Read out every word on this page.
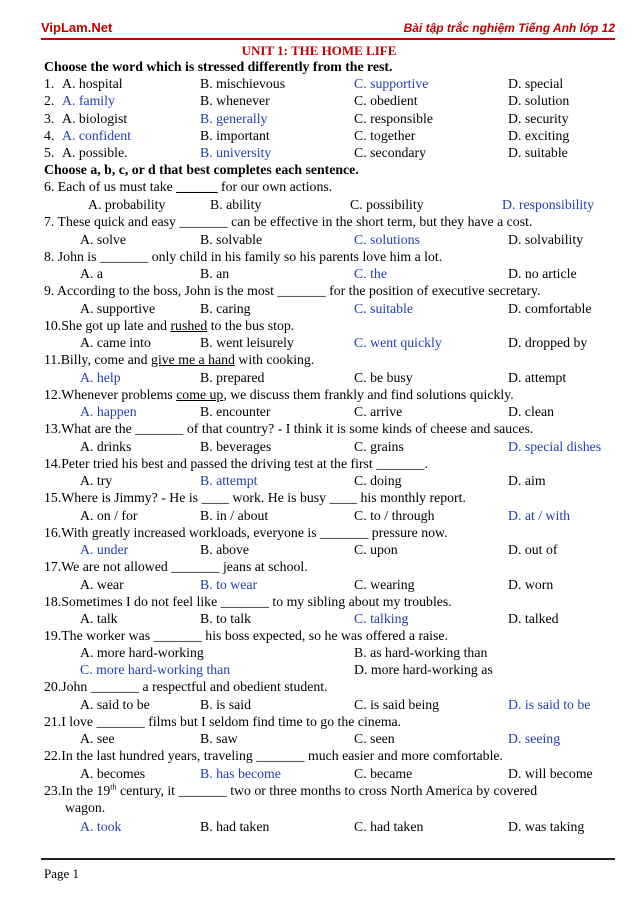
VipLam.Net	Bài tập trắc nghiệm Tiếng Anh lớp 12
UNIT 1: THE HOME LIFE
Choose the word which is stressed differently from the rest.
1. A. hospital	B. mischievous	C. supportive	D. special
2. A. family	B. whenever	C. obedient	D. solution
3. A. biologist	B. generally	C. responsible	D. security
4. A. confident	B. important	C. together	D. exciting
5. A. possible.	B. university	C. secondary	D. suitable
Choose a, b, c, or d that best completes each sentence.
6. Each of us must take ______ for our own actions.
A. probability	B. ability	C. possibility	D. responsibility
7. These quick and easy _______ can be effective in the short term, but they have a cost.
A. solve	B. solvable	C. solutions	D. solvability
8. John is _______ only child in his family so his parents love him a lot.
A. a	B. an	C. the	D. no article
9. According to the boss, John is the most _______ for the position of executive secretary.
A. supportive	B. caring	C. suitable	D. comfortable
10.She got up late and rushed to the bus stop.
A. came into	B. went leisurely	C. went quickly	D. dropped by
11.Billy, come and give me a hand with cooking.
A. help	B. prepared	C. be busy	D. attempt
12.Whenever problems come up, we discuss them frankly and find solutions quickly.
A. happen	B. encounter	C. arrive	D. clean
13.What are the _______ of that country? - I think it is some kinds of cheese and sauces.
A. drinks	B. beverages	C. grains	D. special dishes
14.Peter tried his best and passed the driving test at the first _______.
A. try	B. attempt	C. doing	D. aim
15.Where is Jimmy? - He is ____ work. He is busy ____ his monthly report.
A. on / for	B. in / about	C. to / through	D. at / with
16.With greatly increased workloads, everyone is _______ pressure now.
A. under	B. above	C. upon	D. out of
17.We are not allowed _______ jeans at school.
A. wear	B. to wear	C. wearing	D. worn
18.Sometimes I do not feel like _______ to my sibling about my troubles.
A. talk	B. to talk	C. talking	D. talked
19.The worker was _______ his boss expected, so he was offered a raise.
A. more hard-working	B. as hard-working than
C. more hard-working than	D. more hard-working as
20.John _______ a respectful and obedient student.
A. said to be	B. is said	C. is said being	D. is said to be
21.I love _______ films but I seldom find time to go the cinema.
A. see	B. saw	C. seen	D. seeing
22.In the last hundred years, traveling _______ much easier and more comfortable.
A. becomes	B. has become	C. became	D. will become
23.In the 19th century, it _______ two or three months to cross North America by covered
wagon.
A. took	B. had taken	C. had taken	D. was taking
Page 1
